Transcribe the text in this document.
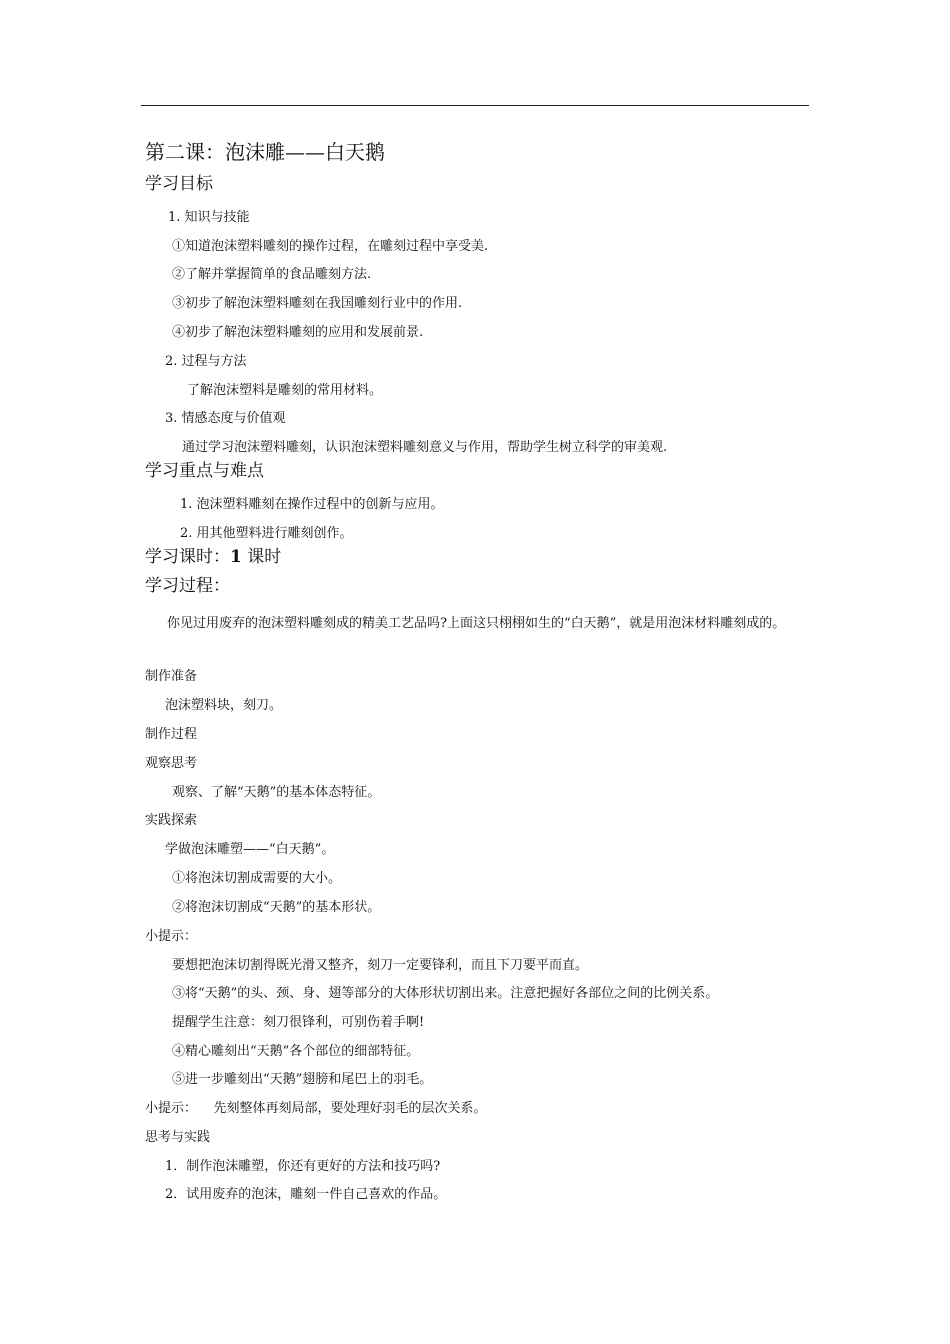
第二课：泡沫雕——白天鹅
学习目标
1. 知识与技能
①知道泡沫塑料雕刻的操作过程，在雕刻过程中享受美.
②了解并掌握简单的食品雕刻方法.
③初步了解泡沫塑料雕刻在我国雕刻行业中的作用.
④初步了解泡沫塑料雕刻的应用和发展前景.
2. 过程与方法
了解泡沫塑料是雕刻的常用材料。
3. 情感态度与价值观
通过学习泡沫塑料雕刻，认识泡沫塑料雕刻意义与作用，帮助学生树立科学的审美观.
学习重点与难点
1. 泡沫塑料雕刻在操作过程中的创新与应用。
2. 用其他塑料进行雕刻创作。
学习课时：1 课时
学习过程：
你见过用废弃的泡沫塑料雕刻成的精美工艺品吗?上面这只栩栩如生的“白天鹅”，就是用泡沫材料雕刻成的。
制作准备
泡沫塑料块，刻刀。
制作过程
观察思考
观察、了解“天鹅”的基本体态特征。
实践探索
学做泡沫雕塑——“白天鹅”。
①将泡沫切割成需要的大小。
②将泡沫切割成“天鹅”的基本形状。
小提示：
要想把泡沫切割得既光滑又整齐，刻刀一定要锋利，而且下刀要平而直。
③将“天鹅”的头、颈、身、翅等部分的大体形状切割出来。注意把握好各部位之间的比例关系。
提醒学生注意：刻刀很锋利，可别伤着手啊!
④精心雕刻出“天鹅”各个部位的细部特征。
⑤进一步雕刻出“天鹅”翅膀和尾巴上的羽毛。
小提示：    先刻整体再刻局部，要处理好羽毛的层次关系。
思考与实践
1．制作泡沫雕塑，你还有更好的方法和技巧吗?
2．试用废弃的泡沫，雕刻一件自己喜欢的作品。
